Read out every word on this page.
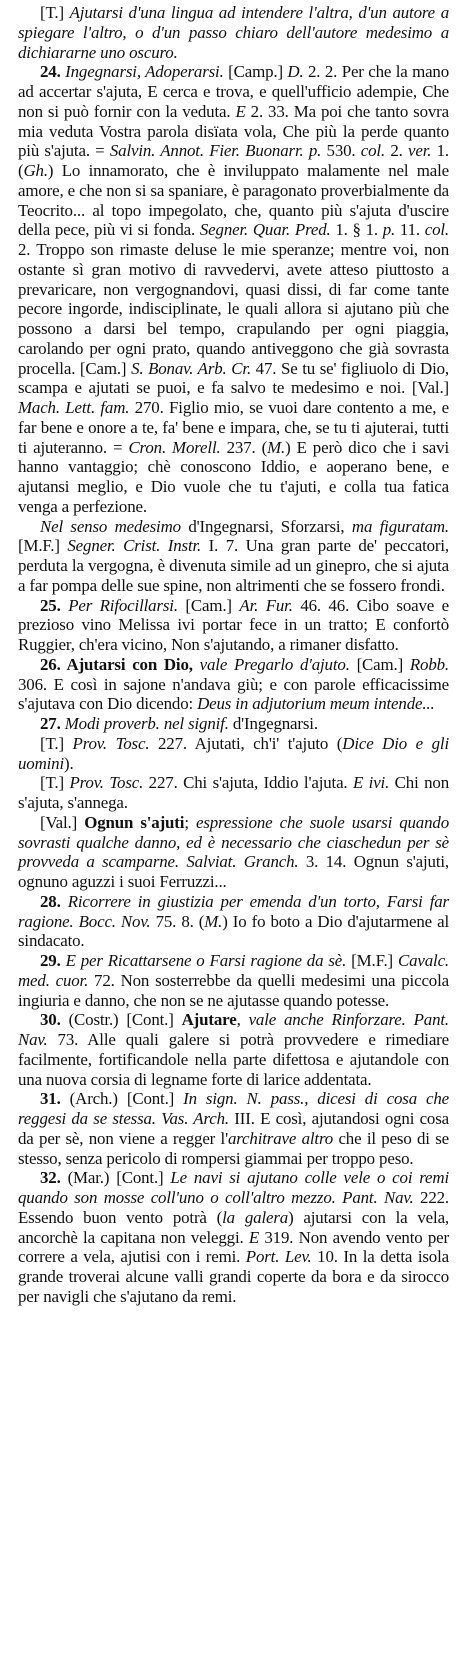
[T.] Ajutarsi d'una lingua ad intendere l'altra, d'un autore a spiegare l'altro, o d'un passo chiaro dell'autore medesimo a dichiararne uno oscuro.

24. Ingegnarsi, Adoperarsi. [Camp.] D. 2. 2. Per che la mano ad accertar s'ajuta, E cerca e trova, e quell'ufficio adempie, Che non si può fornir con la veduta. E 2. 33. Ma poi che tanto sovra mia veduta Vostra parola disïata vola, Che più la perde quanto più s'ajuta. = Salvin. Annot. Fier. Buonarr. p. 530. col. 2. ver. 1. (Gh.) Lo innamorato, che è inviluppato malamente nel male amore, e che non si sa spaniare, è paragonato proverbialmente da Teocrito... al topo impegolato, che, quanto più s'ajuta d'uscire della pece, più vi si fonda. Segner. Quar. Pred. 1. § 1. p. 11. col. 2. Troppo son rimaste deluse le mie speranze; mentre voi, non ostante sì gran motivo di ravvedervi, avete atteso piuttosto a prevaricare, non vergognandovi, quasi dissi, di far come tante pecore ingorde, indisciplinate, le quali allora si ajutano più che possono a darsi bel tempo, crapulando per ogni piaggia, carolando per ogni prato, quando antiveggono che già sovrasta procella. [Cam.] S. Bonav. Arb. Cr. 47. Se tu se' figliuolo di Dio, scampa e ajutati se puoi, e fa salvo te medesimo e noi. [Val.] Mach. Lett. fam. 270. Figlio mio, se vuoi dare contento a me, e far bene e onore a te, fa' bene e impara, che, se tu ti ajuterai, tutti ti ajuteranno. = Cron. Morell. 237. (M.) E però dico che i savi hanno vantaggio; chè conoscono Iddio, e aoperano bene, e ajutansi meglio, e Dio vuole che tu t'ajuti, e colla tua fatica venga a perfezione.

Nel senso medesimo d'Ingegnarsi, Sforzarsi, ma figuratam. [M.F.] Segner. Crist. Instr. I. 7. Una gran parte de' peccatori, perduta la vergogna, è divenuta simile ad un ginepro, che si ajuta a far pompa delle sue spine, non altrimenti che se fossero frondi.

25. Per Rifocillarsi. [Cam.] Ar. Fur. 46. 46. Cibo soave e prezioso vino Melissa ivi portar fece in un tratto; E confortò Ruggier, ch'era vicino, Non s'ajutando, a rimaner disfatto.

26. Ajutarsi con Dio, vale Pregarlo d'ajuto. [Cam.] Robb. 306. E così in sajone n'andava giù; e con parole efficacissime s'ajutava con Dio dicendo: Deus in adjutorium meum intende...

27. Modi proverb. nel signif. d'Ingegnarsi.

[T.] Prov. Tosc. 227. Ajutati, ch'i' t'ajuto (Dice Dio e gli uomini).

[T.] Prov. Tosc. 227. Chi s'ajuta, Iddio l'ajuta. E ivi. Chi non s'ajuta, s'annega.

[Val.] Ognun s'ajuti; espressione che suole usarsi quando sovrasti qualche danno, ed è necessario che ciaschedun per sè provveda a scamparne. Salviat. Granch. 3. 14. Ognun s'ajuti, ognuno aguzzi i suoi Ferruzzi...

28. Ricorrere in giustizia per emenda d'un torto, Farsi far ragione. Bocc. Nov. 75. 8. (M.) Io fo boto a Dio d'ajutarmene al sindacato.

29. E per Ricattarsene o Farsi ragione da sè. [M.F.] Cavalc. med. cuor. 72. Non sosterrebbe da quelli medesimi una piccola ingiuria e danno, che non se ne ajutasse quando potesse.

30. (Costr.) [Cont.] Ajutare, vale anche Rinforzare. Pant. Nav. 73. Alle quali galere si potrà provvedere e rimediare facilmente, fortificandole nella parte difettosa e ajutandole con una nuova corsia di legname forte di larice addentata.

31. (Arch.) [Cont.] In sign. N. pass., dicesi di cosa che reggesi da se stessa. Vas. Arch. III. E così, ajutandosi ogni cosa da per sè, non viene a regger l'architrave altro che il peso di se stesso, senza pericolo di rompersi giammai per troppo peso.

32. (Mar.) [Cont.] Le navi si ajutano colle vele o coi remi quando son mosse coll'uno o coll'altro mezzo. Pant. Nav. 222. Essendo buon vento potrà (la galera) ajutarsi con la vela, ancorchè la capitana non veleggi. E 319. Non avendo vento per correre a vela, ajutisi con i remi. Port. Lev. 10. In la detta isola grande troverai alcune valli grandi coperte da bora e da sirocco per navigli che s'ajutano da remi.
